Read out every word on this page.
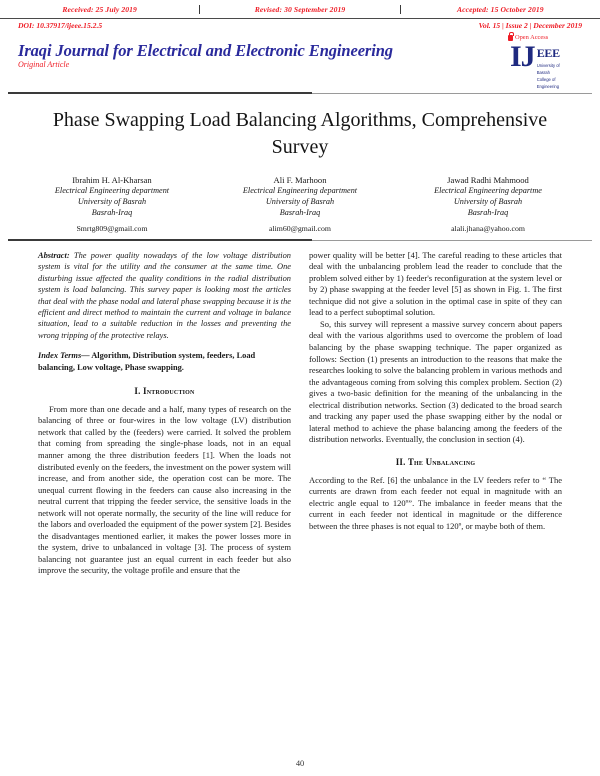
Received: 25 July 2019	Revised: 30 September 2019	Accepted: 15 October 2019
DOI: 10.37917/ijeee.15.2.5	Vol. 15 | Issue 2 | December 2019
Iraqi Journal for Electrical and Electronic Engineering
Original Article
Open Access
IJ EEE
University of
Basrah
College of
Engineering
Phase Swapping Load Balancing Algorithms, Comprehensive Survey
Ibrahim H. Al-Kharsan
Electrical Engineering department
University of Basrah
Basrah-Iraq
Smrtg809@gmail.com
Ali F. Marhoon
Electrical Engineering department
University of Basrah
Basrah-Iraq
alim60@gmail.com
Jawad Radhi Mahmood
Electrical Engineering departme
University of Basrah
Basrah-Iraq
alali.jhana@yahoo.com

Abstract: The power quality nowadays of the low voltage distribution system is vital for the utility and the consumer at the same time. One disturbing issue affected the quality conditions in the radial distribution system is load balancing. This survey paper is looking most the articles that deal with the phase nodal and lateral phase swapping because it is the efficient and direct method to maintain the current and voltage in balance situation, lead to a suitable reduction in the losses and preventing the wrong tripping of the protective relays.

Index Terms— Algorithm, Distribution system, feeders, Load balancing, Low voltage, Phase swapping.

I. Introduction

From more than one decade and a half, many types of research on the balancing of three or four-wires in the low voltage (LV) distribution network that called by the (feeders) were carried. It solved the problem that coming from spreading the single-phase loads, not in an equal manner among the three distribution feeders [1]. When the loads not distributed evenly on the feeders, the investment on the power system will increase, and from another side, the operation cost can be more. The unequal current flowing in the feeders can cause also increasing in the neutral current that tripping the feeder service, the sensitive loads in the network will not operate normally, the security of the line will reduce for the labors and overloaded the equipment of the power system [2]. Besides the disadvantages mentioned earlier, it makes the power losses more in the system, drive to unbalanced in voltage [3]. The process of system balancing not guarantee just an equal current in each feeder but also improve the security, the voltage profile and ensure that the

power quality will be better [4]. The careful reading to these articles that deal with the unbalancing problem lead the reader to conclude that the problem solved either by 1) feeder's reconfiguration at the system level or by 2) phase swapping at the feeder level [5] as shown in Fig. 1. The first technique did not give a solution in the optimal case in spite of they can lead to a perfect suboptimal solution.

So, this survey will represent a massive survey concern about papers deal with the various algorithms used to overcome the problem of load balancing by the phase swapping technique. The paper organized as follows: Section (1) presents an introduction to the reasons that make the researches looking to solve the balancing problem in various methods and the advantageous coming from solving this complex problem. Section (2) gives a two-basic definition for the meaning of the unbalancing in the electrical distribution networks. Section (3) dedicated to the broad search and tracking any paper used the phase swapping either by the nodal or lateral method to achieve the phase balancing among the feeders of the distribution networks. Eventually, the conclusion in section (4).

II. The Unbalancing

According to the Ref. [6] the unbalance in the LV feeders refer to “ The currents are drawn from each feeder not equal in magnitude with an electric angle equal to 120º”. The imbalance in feeder means that the current in each feeder not identical in magnitude or the difference between the three phases is not equal to 120º, or maybe both of them.

40
